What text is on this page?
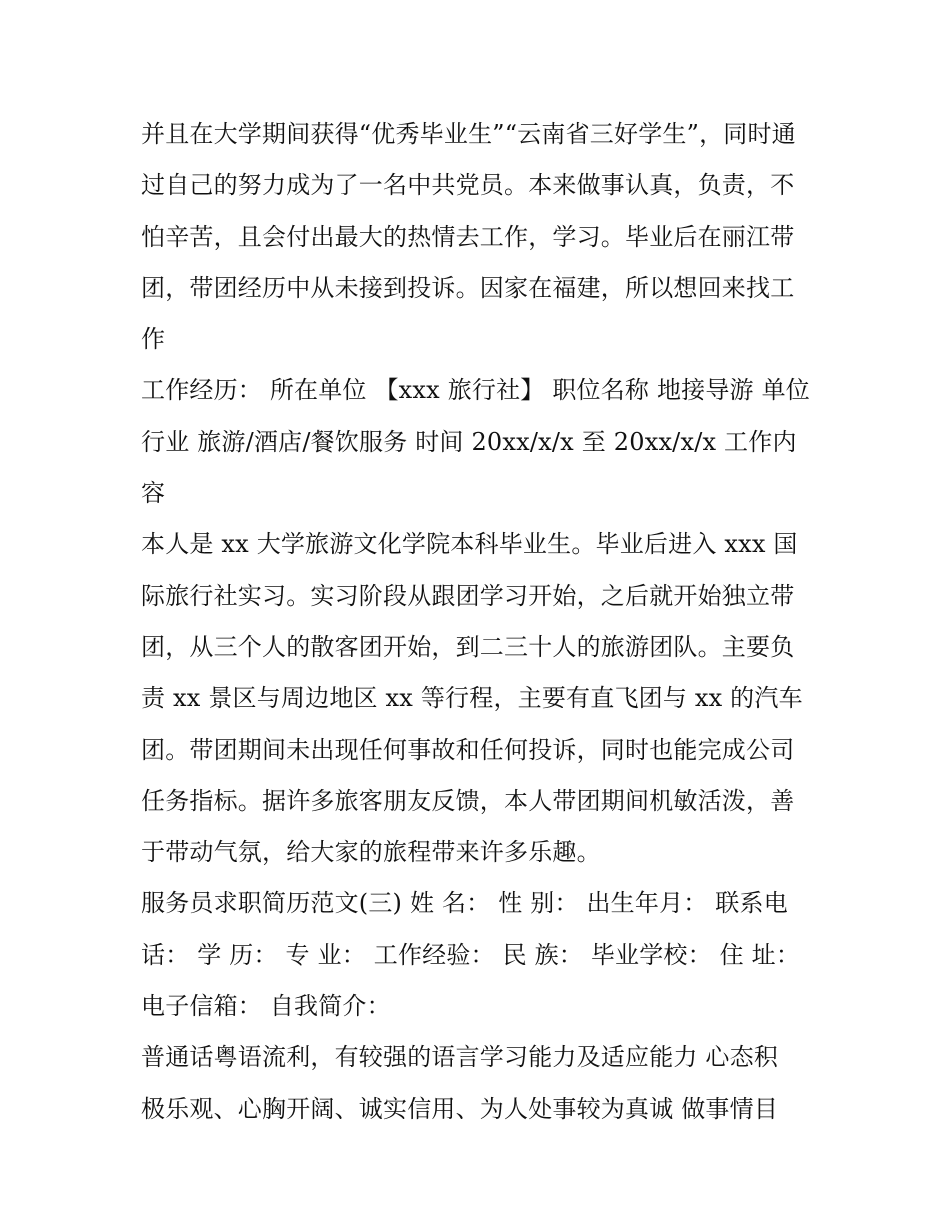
并且在大学期间获得“优秀毕业生”“云南省三好学生”，同时通
过自己的努力成为了一名中共党员。本来做事认真，负责，不
怕辛苦，且会付出最大的热情去工作，学习。毕业后在丽江带
团，带团经历中从未接到投诉。因家在福建，所以想回来找工
作
工作经历： 所在单位 【xxx 旅行社】 职位名称 地接导游 单位
行业 旅游/酒店/餐饮服务 时间 20xx/x/x 至 20xx/x/x 工作内
容
本人是 xx 大学旅游文化学院本科毕业生。毕业后进入 xxx 国
际旅行社实习。实习阶段从跟团学习开始，之后就开始独立带
团，从三个人的散客团开始，到二三十人的旅游团队。主要负
责 xx 景区与周边地区 xx 等行程，主要有直飞团与 xx 的汽车
团。带团期间未出现任何事故和任何投诉，同时也能完成公司
任务指标。据许多旅客朋友反馈，本人带团期间机敏活泼，善
于带动气氛，给大家的旅程带来许多乐趣。
服务员求职简历范文(三) 姓 名： 性 别： 出生年月： 联系电
话： 学 历： 专 业： 工作经验： 民 族： 毕业学校： 住 址：
电子信箱： 自我简介：
普通话粤语流利，有较强的语言学习能力及适应能力 心态积
极乐观、心胸开阔、诚实信用、为人处事较为真诚 做事情目
